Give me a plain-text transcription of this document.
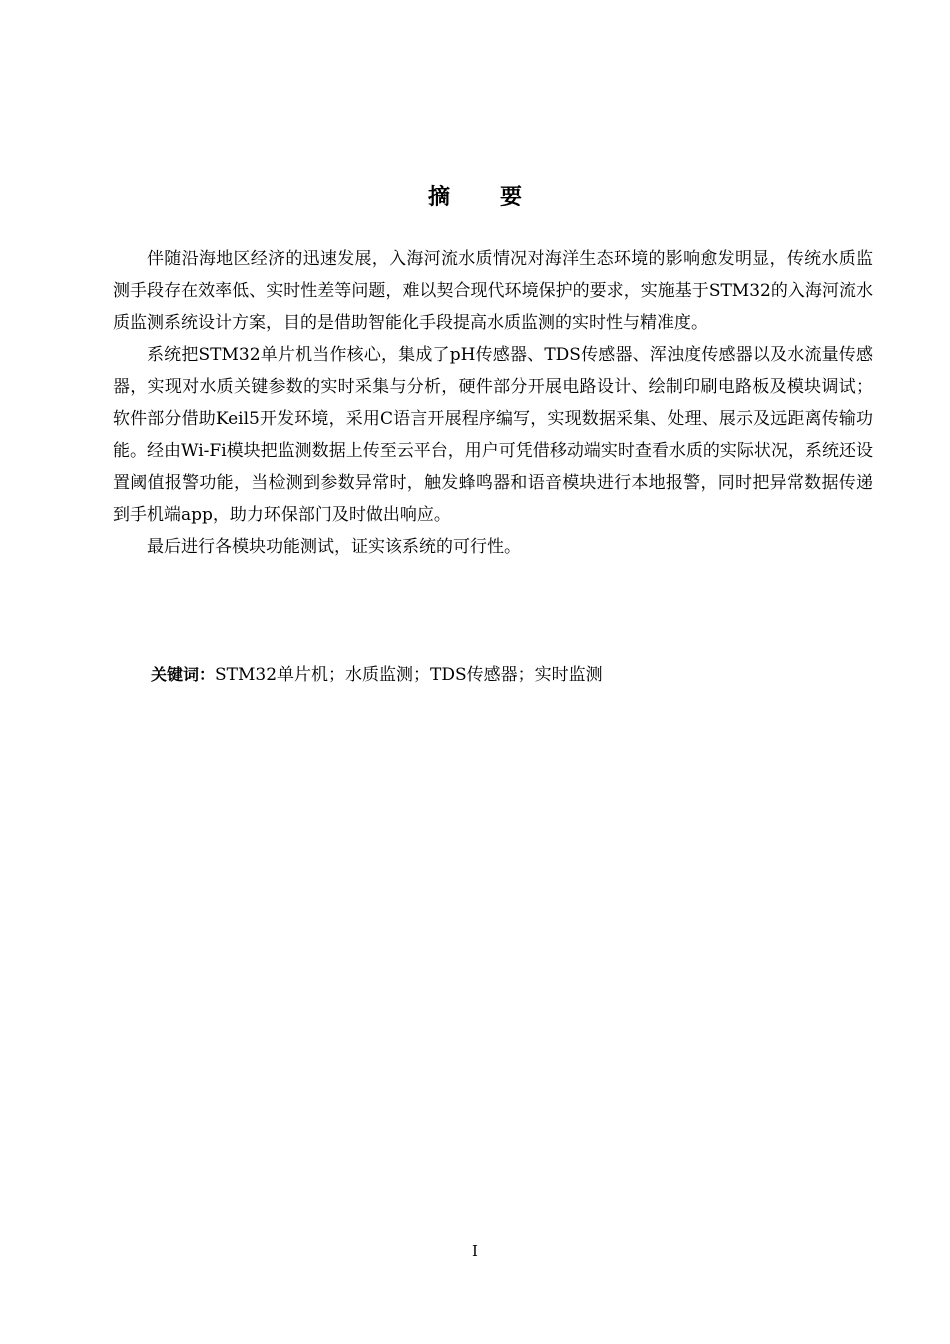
摘要

伴随沿海地区经济的迅速发展，入海河流水质情况对海洋生态环境的影响愈发明显，传统水质监测手段存在效率低、实时性差等问题，难以契合现代环境保护的要求，实施基于STM32的入海河流水质监测系统设计方案，目的是借助智能化手段提高水质监测的实时性与精准度。

系统把STM32单片机当作核心，集成了pH传感器、TDS传感器、浑浊度传感器以及水流量传感器，实现对水质关键参数的实时采集与分析，硬件部分开展电路设计、绘制印刷电路板及模块调试；软件部分借助Keil5开发环境，采用C语言开展程序编写，实现数据采集、处理、展示及远距离传输功能。经由Wi-Fi模块把监测数据上传至云平台，用户可凭借移动端实时查看水质的实际状况，系统还设置阈值报警功能，当检测到参数异常时，触发蜂鸣器和语音模块进行本地报警，同时把异常数据传递到手机端app，助力环保部门及时做出响应。

最后进行各模块功能测试，证实该系统的可行性。

关键词：STM32单片机；水质监测；TDS传感器；实时监测
I
